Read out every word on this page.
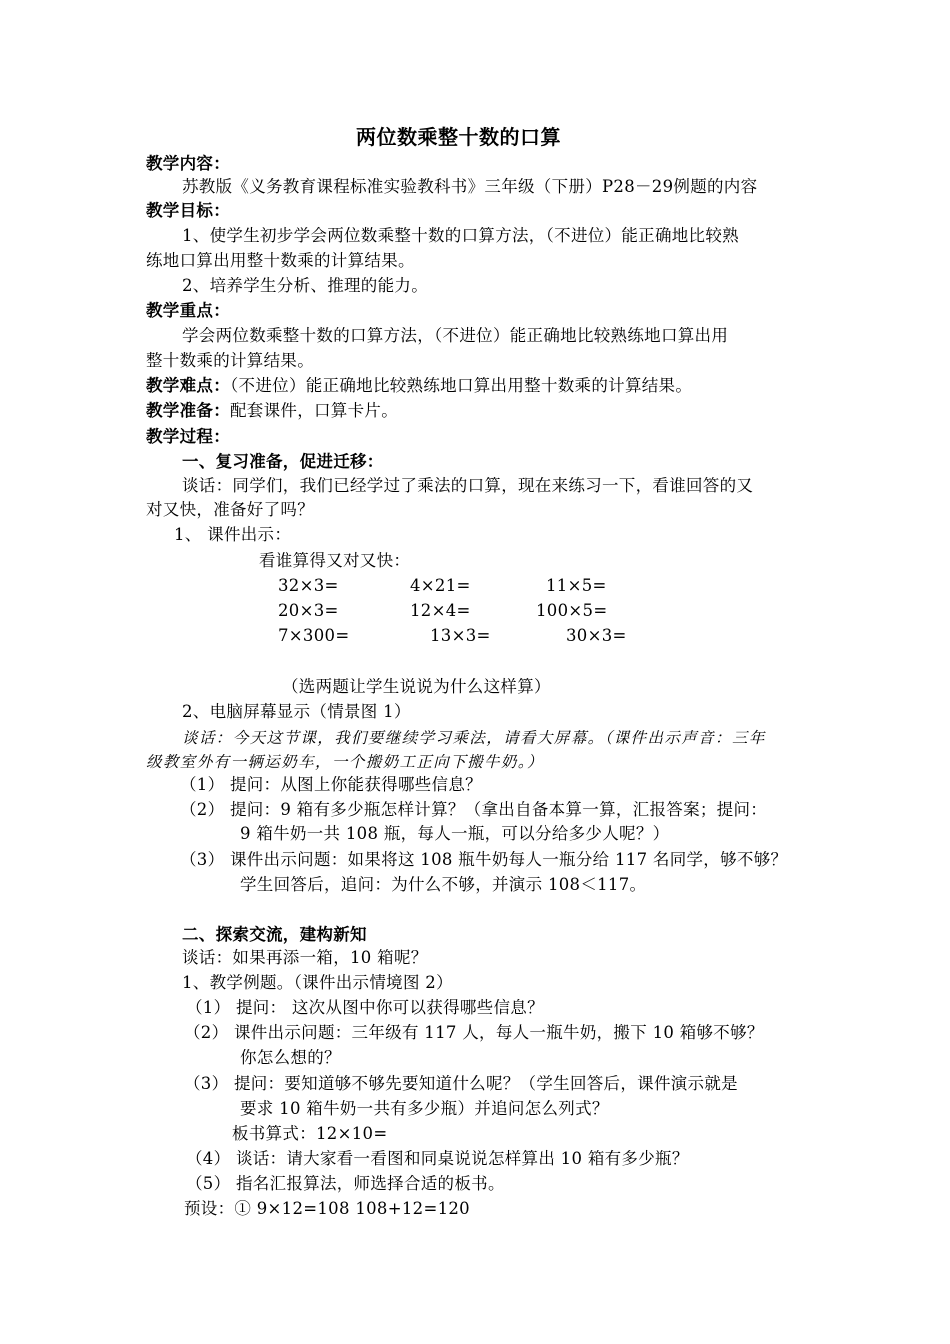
两位数乘整十数的口算
教学内容：
苏教版《义务教育课程标准实验教科书》三年级（下册）P28－29例题的内容
教学目标：
1、使学生初步学会两位数乘整十数的口算方法，（不进位）能正确地比较熟
练地口算出用整十数乘的计算结果。
2、培养学生分析、推理的能力。
教学重点：
学会两位数乘整十数的口算方法，（不进位）能正确地比较熟练地口算出用
整十数乘的计算结果。
教学难点：（不进位）能正确地比较熟练地口算出用整十数乘的计算结果。
教学准备：配套课件，口算卡片。
教学过程：
一、复习准备，促进迁移：
谈话：同学们，我们已经学过了乘法的口算，现在来练习一下，看谁回答的又
对又快，准备好了吗？
1、 课件出示：
看谁算得又对又快：
32×3=	4×21=	11×5=
20×3=	12×4=	100×5=
7×300=	13×3=	30×3=
（选两题让学生说说为什么这样算）
2、电脑屏幕显示（情景图 1）
谈话：今天这节课，我们要继续学习乘法，请看大屏幕。（课件出示声音：三年
级教室外有一辆运奶车，一个搬奶工正向下搬牛奶。）
（1） 提问：从图上你能获得哪些信息？
（2） 提问：9 箱有多少瓶怎样计算？（拿出自备本算一算，汇报答案；提问：
9 箱牛奶一共 108 瓶，每人一瓶，可以分给多少人呢？）
（3） 课件出示问题：如果将这 108 瓶牛奶每人一瓶分给 117 名同学，够不够？
学生回答后，追问：为什么不够，并演示 108＜117。
二、探索交流，建构新知
谈话：如果再添一箱，10 箱呢？
1、教学例题。（课件出示情境图 2）
（1） 提问： 这次从图中你可以获得哪些信息？
（2） 课件出示问题：三年级有 117 人，每人一瓶牛奶，搬下 10 箱够不够？
你怎么想的？
（3） 提问：要知道够不够先要知道什么呢？（学生回答后，课件演示就是
要求 10 箱牛奶一共有多少瓶）并追问怎么列式？
板书算式：12×10=
（4） 谈话：请大家看一看图和同桌说说怎样算出 10 箱有多少瓶？
（5） 指名汇报算法，师选择合适的板书。
预设：① 9×12=108 108+12=120
